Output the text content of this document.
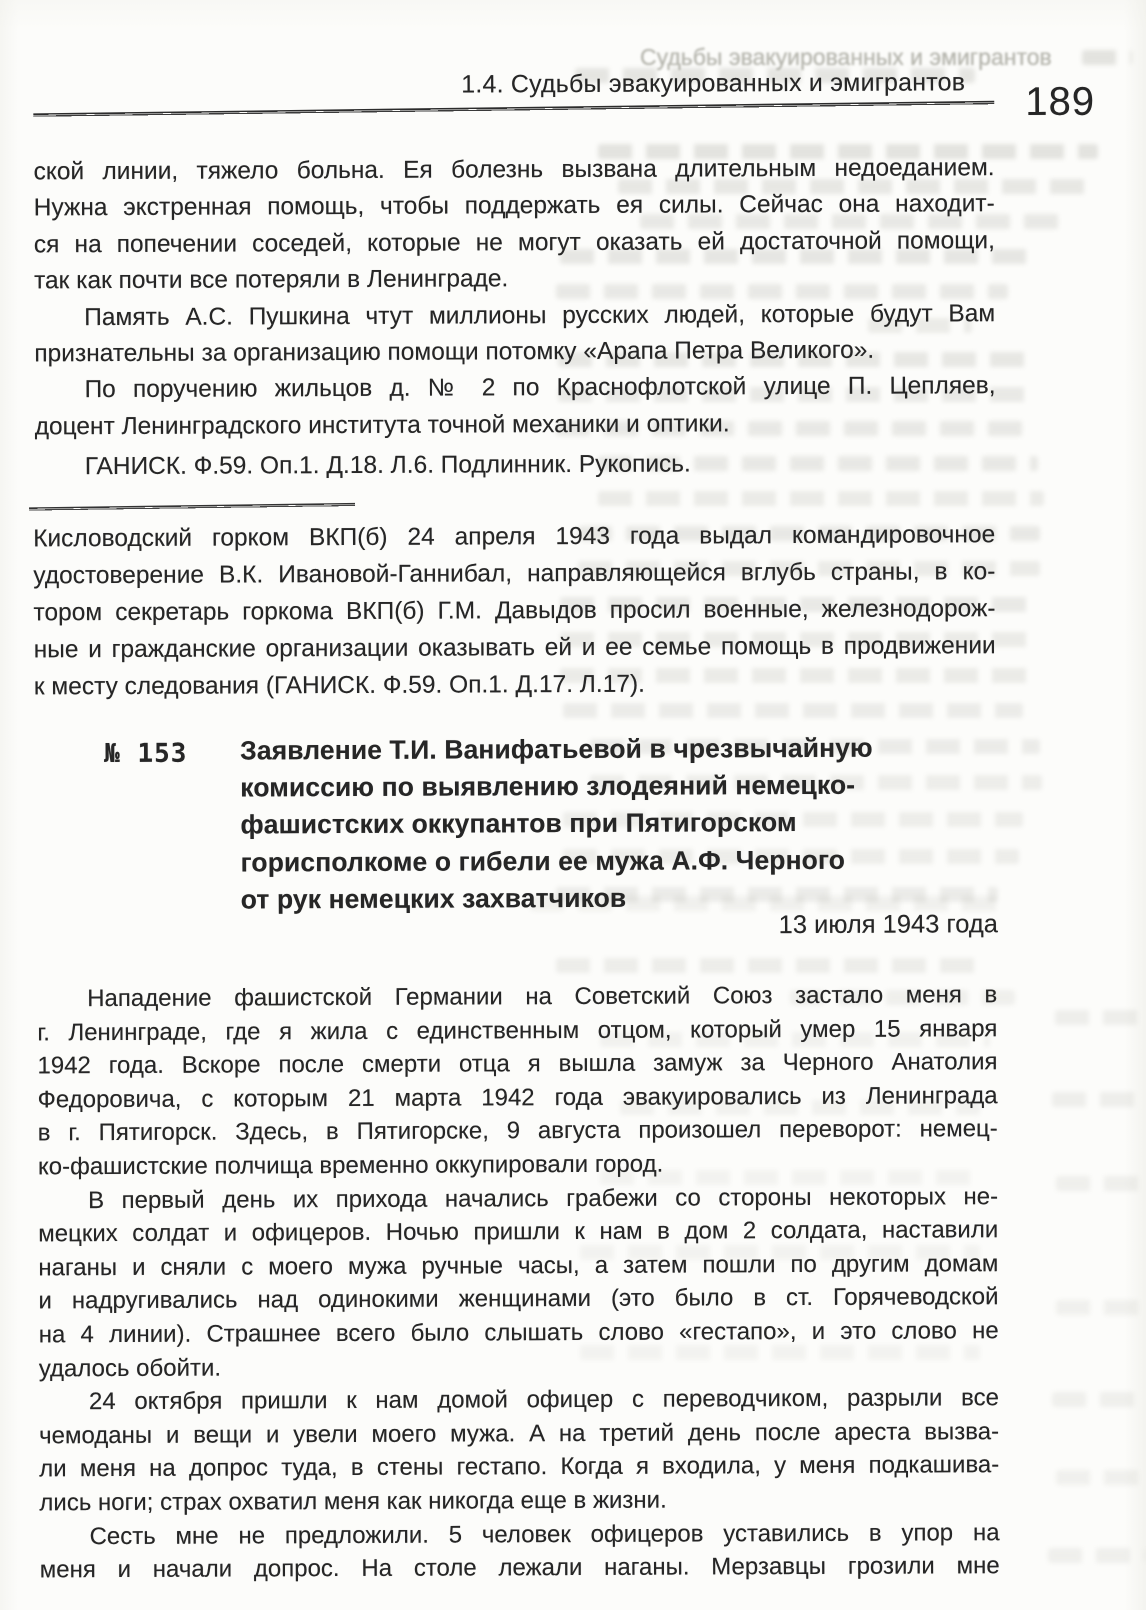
Судьбы эвакуированных и эмигрантов
1.4. Судьбы эвакуированных и эмигрантов 189
ской линии, тяжело больна. Ея болезнь вызвана длительным недоеданием.
Нужна экстренная помощь, чтобы поддержать ея силы. Сейчас она находит-
ся на попечении соседей, которые не могут оказать ей достаточной помощи,
так как почти все потеряли в Ленинграде.
Память А.С. Пушкина чтут миллионы русских людей, которые будут Вам
признательны за организацию помощи потомку «Арапа Петра Великого».
По поручению жильцов д. № 2 по Краснофлотской улице П. Цепляев,
доцент Ленинградского института точной механики и оптики.
ГАНИСК. Ф.59. Оп.1. Д.18. Л.6. Подлинник. Рукопись.
Кисловодский горком ВКП(б) 24 апреля 1943 года выдал командировочное
удостоверение В.К. Ивановой-Ганнибал, направляющейся вглубь страны, в ко-
тором секретарь горкома ВКП(б) Г.М. Давыдов просил военные, железнодорож-
ные и гражданские организации оказывать ей и ее семье помощь в продвижении
к месту следования (ГАНИСК. Ф.59. Оп.1. Д.17. Л.17).
№ 153 Заявление Т.И. Ванифатьевой в чрезвычайную
комиссию по выявлению злодеяний немецко-
фашистских оккупантов при Пятигорском
горисполкоме о гибели ее мужа А.Ф. Черного
от рук немецких захватчиков
13 июля 1943 года
Нападение фашистской Германии на Советский Союз застало меня в
г. Ленинграде, где я жила с единственным отцом, который умер 15 января
1942 года. Вскоре после смерти отца я вышла замуж за Черного Анатолия
Федоровича, с которым 21 марта 1942 года эвакуировались из Ленинграда
в г. Пятигорск. Здесь, в Пятигорске, 9 августа произошел переворот: немец-
ко-фашистские полчища временно оккупировали город.
В первый день их прихода начались грабежи со стороны некоторых не-
мецких солдат и офицеров. Ночью пришли к нам в дом 2 солдата, наставили
наганы и сняли с моего мужа ручные часы, а затем пошли по другим домам
и надругивались над одинокими женщинами (это было в ст. Горячеводской
на 4 линии). Страшнее всего было слышать слово «гестапо», и это слово не
удалось обойти.
24 октября пришли к нам домой офицер с переводчиком, разрыли все
чемоданы и вещи и увели моего мужа. А на третий день после ареста вызва-
ли меня на допрос туда, в стены гестапо. Когда я входила, у меня подкашива-
лись ноги; страх охватил меня как никогда еще в жизни.
Сесть мне не предложили. 5 человек офицеров уставились в упор на
меня и начали допрос. На столе лежали наганы. Мерзавцы грозили мне
